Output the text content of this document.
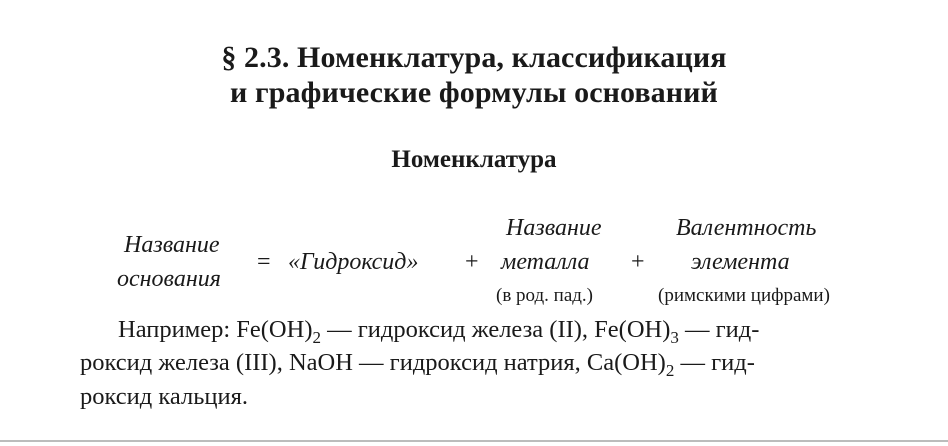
§ 2.3. Номенклатура, классификация
и графические формулы оснований
Номенклатура
Название
основания
= «Гидроксид» +
Название
металла
(в род. пад.)
+
Валентность
элемента
(римскими цифрами)
Например: $Fe(OH)_2$ — гидроксид железа (II), $Fe(OH)_3$ — гид-
роксид железа (III), NaOH — гидроксид натрия, $Ca(OH)_2$ — гид-
роксид кальция.
